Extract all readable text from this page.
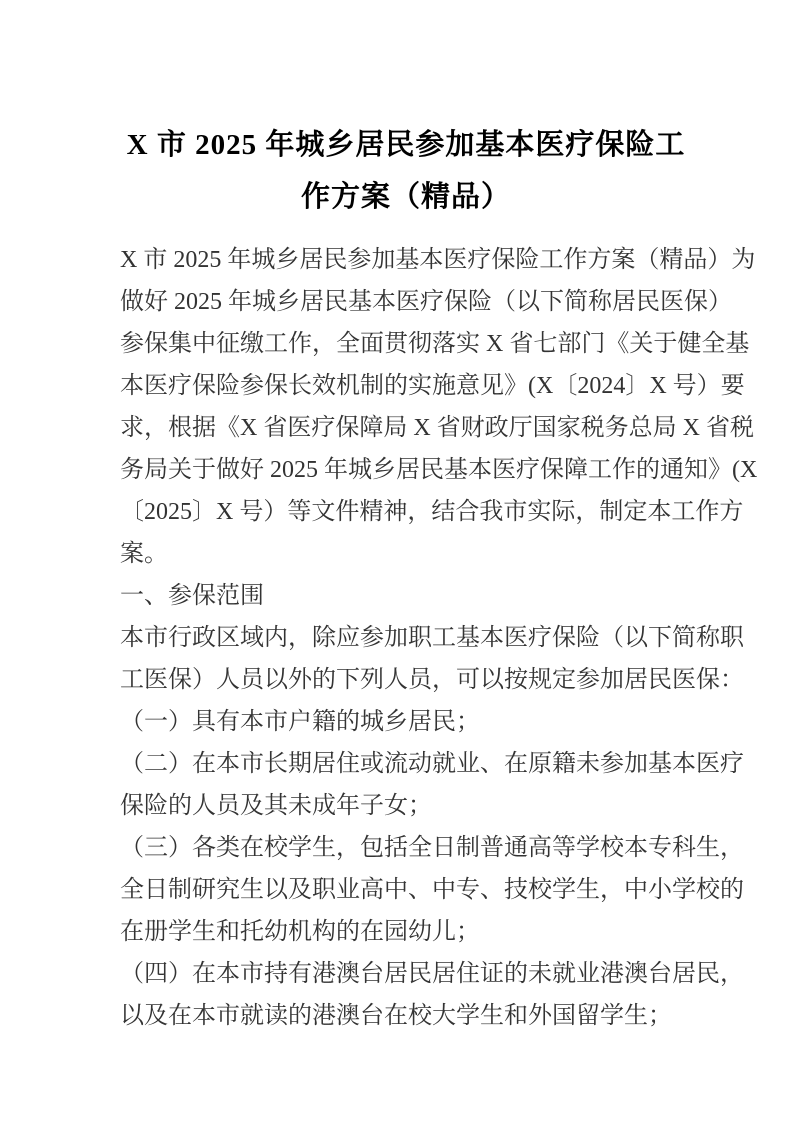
X 市 2025 年城乡居民参加基本医疗保险工
作方案（精品）
X 市 2025 年城乡居民参加基本医疗保险工作方案（精品）为
做好 2025 年城乡居民基本医疗保险（以下简称居民医保）
参保集中征缴工作，全面贯彻落实 X 省七部门《关于健全基
本医疗保险参保长效机制的实施意见》(X〔2024〕X 号）要
求，根据《X 省医疗保障局 X 省财政厅国家税务总局 X 省税
务局关于做好 2025 年城乡居民基本医疗保障工作的通知》(X
〔2025〕X 号）等文件精神，结合我市实际，制定本工作方
案。
一、参保范围
本市行政区域内，除应参加职工基本医疗保险（以下简称职
工医保）人员以外的下列人员，可以按规定参加居民医保：
（一）具有本市户籍的城乡居民；
（二）在本市长期居住或流动就业、在原籍未参加基本医疗
保险的人员及其未成年子女；
（三）各类在校学生，包括全日制普通高等学校本专科生，
全日制研究生以及职业高中、中专、技校学生，中小学校的
在册学生和托幼机构的在园幼儿；
（四）在本市持有港澳台居民居住证的未就业港澳台居民，
以及在本市就读的港澳台在校大学生和外国留学生；
